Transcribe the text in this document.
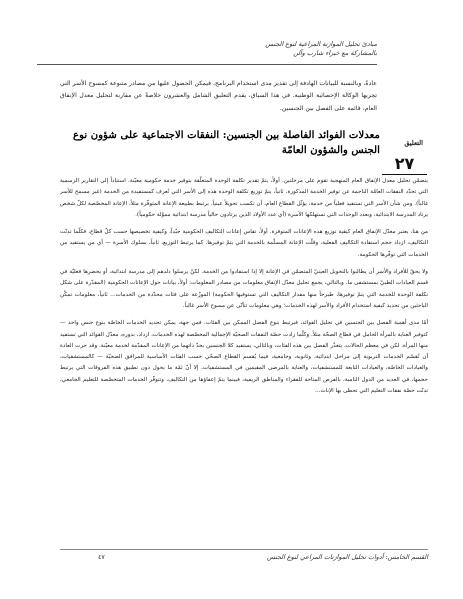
مبادئ تحليل الموازنة المراعية لنوع الجنس
بالمشاركة مع خبراء شارب وآلن
عادةً، وبالنسبة للبيانات الهادفة إلى تقدير مدى استخدام البرنامج، فيمكن الحصول عليها من مصادر متنوعة كمسوح الأسر التي تجريها الوكالة الإحصائية الوطنية. في هذا السياق، يقدم التعليق الشامل والعشرون خلاصةً عن مقاربة لتحليل معدل الإنفاق العام، قائمة على الفصل بين الجنسين.
معدلات الفوائد الفاصلة بين الجنسين: النفقات الاجتماعية على شؤون نوع الجنس والشؤون العامّة
التعليق
٢٧

يتضمّن تحليل معدل الإنفاق العام المنهجية تقوم على مرحلتين. أولاً، يتمّ تقدير تكلفة الوحدة المتعلّقة بتوفير خدمة حكومية معيّنة. استناداً إلى التقارير الرسمية التي تحدّد النفقات العامّة الناجمة عن توفير الخدمة المذكورة. ثانياً، يتمّ توزيع تكلفة الوحدة هذه إلى الأسر التي تُعرف كمستفيدة من الخدمة (غير مسمح للأسر غالباً). ومن شأن الأسر التي تستفيد فعلياً من خدمة، يؤثّل القطاع العام، أن تكسب تحويلاً عينياً. يرتبط بطبيعة الإعانة المتوفّرة مثلاً، الإعانة المخصّصة لكلّ شخص يرتاد المدرسة الابتدائية، وبعدد الوحدات التي تستهلكها الأسرة (أي عدد الأولاد الذين يرتادون حالياً مدرسة ابتدائية مموّلة حكومياً).

من هنا، يعتبر معدّل الإنفاق العام كيفية توزيع هذه الإعانات المتوفرة. أولاً، تقاس إعانات التكاليف الحكومية جيّداً، وكيفية تخصيصها حسب كلّ قطاع، فكلّما تدنّت التكاليف، ازداد حجم استفادة التكاليف الفعلية، وقلّت الإعانة المسلّمة بالخدمة التي يتمّ توفيرها. كما يرتبط التوزيع، ثانياً، بسلوك الأسرة — أي من يستفيد من الخدمات التي توفّرها الحكومة.

ولا يحقّ للأفراد والأسر أن يطالبوا بالتحويل العينيّ المتضمّن في الإعانة إلا إذا استفادوا من الخدمة. لكنّ يرسلوا دلدهم إلى مدرسة ابتدائية، أو يحضرها فعليّة في قسم العيادات الطبيّ بمستشفى ما. وبالتالي، يجمع تحليل معدّل الإنفاق معلومات من مصادر المعلومات: أولاً، بيانات حول الإعانات الحكومية (المقدّرة على شكل تكلفة الوحدة للخدمة التي يتمّ توفيرها، طبرحاً منها مقدار التكاليف التي تستوفيها الحكومة) الموزّعة على فئات محدّدة من الخدمات... ثانياً، معلومات تمكّن الباحثين من تحديد كيفية استخدام الأفراد والأسر لهذه الخدمات؛ وهي معلومات تتأتّى عن مسوح الأسر غالباً.

أمّا مدى أهمية الفصل بين الجنسين في تحليل الفوائد، فيرتبط بنوع الفصل الممكن بين الفئات. فمن جهة، يمكن تحديد الخدمات الخاصّة بنوع جنس واحد — كتوفير العناية بالمرأة الحامل في قطاع الصحّة مثلاً. وكلّما زادت حصّة النفقات الصحيّة الإجمالية المخصّصة لهذه الخدمات، ازداد، بدوره، معدّل الفوائد التي تستفيد منها المرأة. لكن في معظم الحالات، يتعذّر الفصل بين هذه الفئات، وبالتالي، يستفيد كلا الجنسين بحدّ ذاتهما من الإعانات المقدّمة لخدمة معيّنة. وقد جرت العادة أن تُقسّم الخدمات التربوية إلى مراحل ابتدائية، وثانوية، وجامعية، فيما يُقسم القطاع الصحّي حسب الفئات الأساسية للمرافق الصحيّة — كالمستشفيات، والعيادات الخاصّة، والعيادات التابعة للمستشفيات، والعناية بالمرضى المقيمين في المستشفيات. إلا أنّ ثمّة ما يحول دون تطبيق هذه الفروقات التي يرتبط حجمها، في العديد من الدول النامية، بالفرص المتاحة للفقراء والمناطق الريفية، فبينما يتمّ إعفاؤها من التكاليف، وتتوفّر الخدمات المتخصّصة للتعليم الجامعي، تدنّت حصّة نفقات التعليم التي تحظى بها الإناث...

القسم الخامس: أدوات تحليل الموازنات المراعي لنوع الجنس
٤٧
